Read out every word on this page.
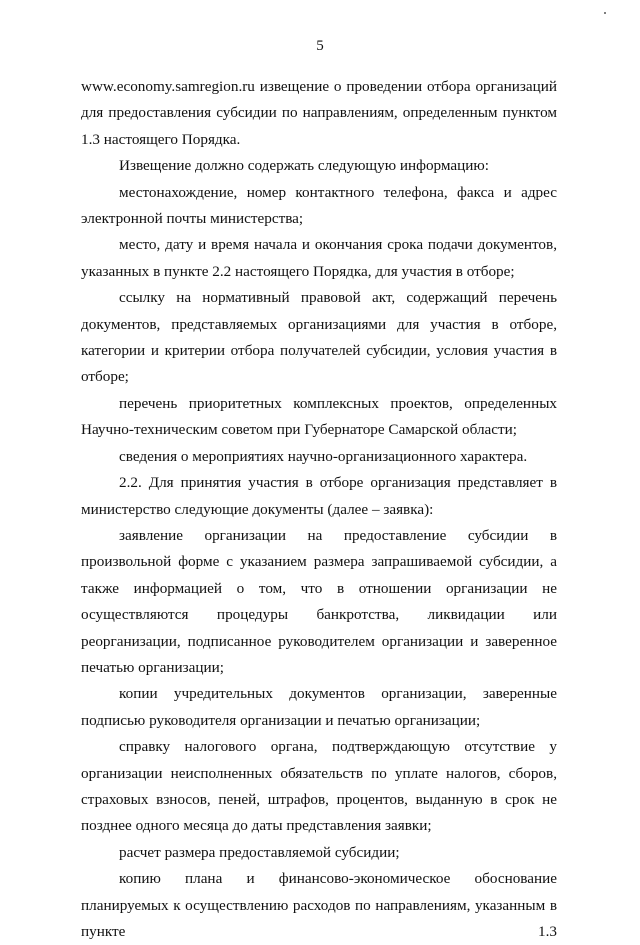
5

www.economy.samregion.ru извещение о проведении отбора организаций для предоставления субсидии по направлениям, определенным пунктом 1.3 настоящего Порядка.

Извещение должно содержать следующую информацию:

местонахождение, номер контактного телефона, факса и адрес электронной почты министерства;

место, дату и время начала и окончания срока подачи документов, указанных в пункте 2.2 настоящего Порядка, для участия в отборе;

ссылку на нормативный правовой акт, содержащий перечень документов, представляемых организациями для участия в отборе, категории и критерии отбора получателей субсидии, условия участия в отборе;

перечень приоритетных комплексных проектов, определенных Научно-техническим советом при Губернаторе Самарской области;

сведения о мероприятиях научно-организационного характера.

2.2. Для принятия участия в отборе организация представляет в министерство следующие документы (далее – заявка):

заявление организации на предоставление субсидии в произвольной форме с указанием размера запрашиваемой субсидии, а также информацией о том, что в отношении организации не осуществляются процедуры банкротства, ликвидации или реорганизации, подписанное руководителем организации и заверенное печатью организации;

копии учредительных документов организации, заверенные подписью руководителя организации и печатью организации;

справку налогового органа, подтверждающую отсутствие у организации неисполненных обязательств по уплате налогов, сборов, страховых взносов, пеней, штрафов, процентов, выданную в срок не позднее одного месяца до даты представления заявки;

расчет размера предоставляемой субсидии;

копию плана и финансово-экономическое обоснование планируемых к осуществлению расходов по направлениям, указанным в пункте 1.3
